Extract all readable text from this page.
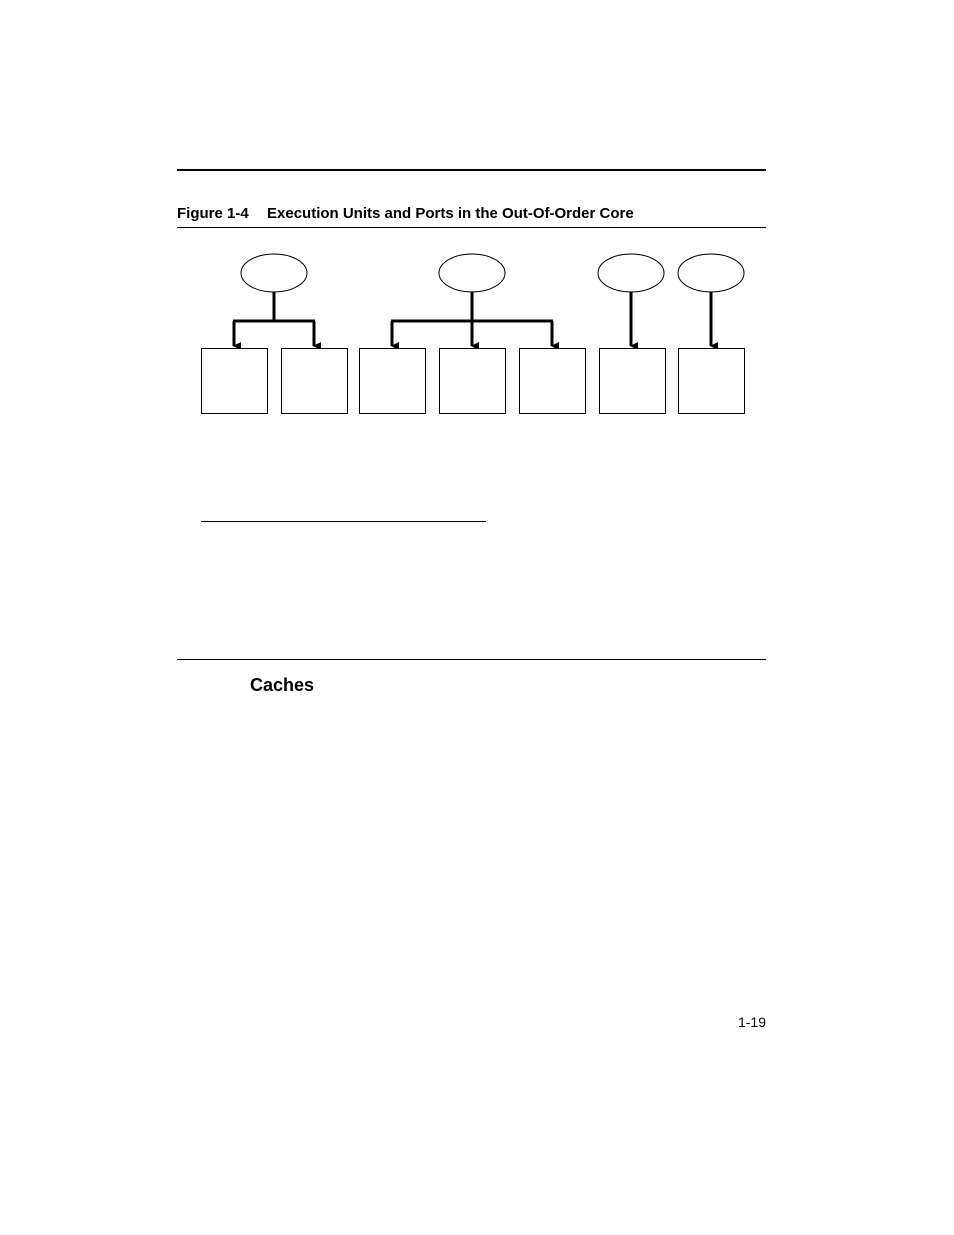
Figure 1-4 Execution Units and Ports in the Out-Of-Order Core
Caches
1-19
